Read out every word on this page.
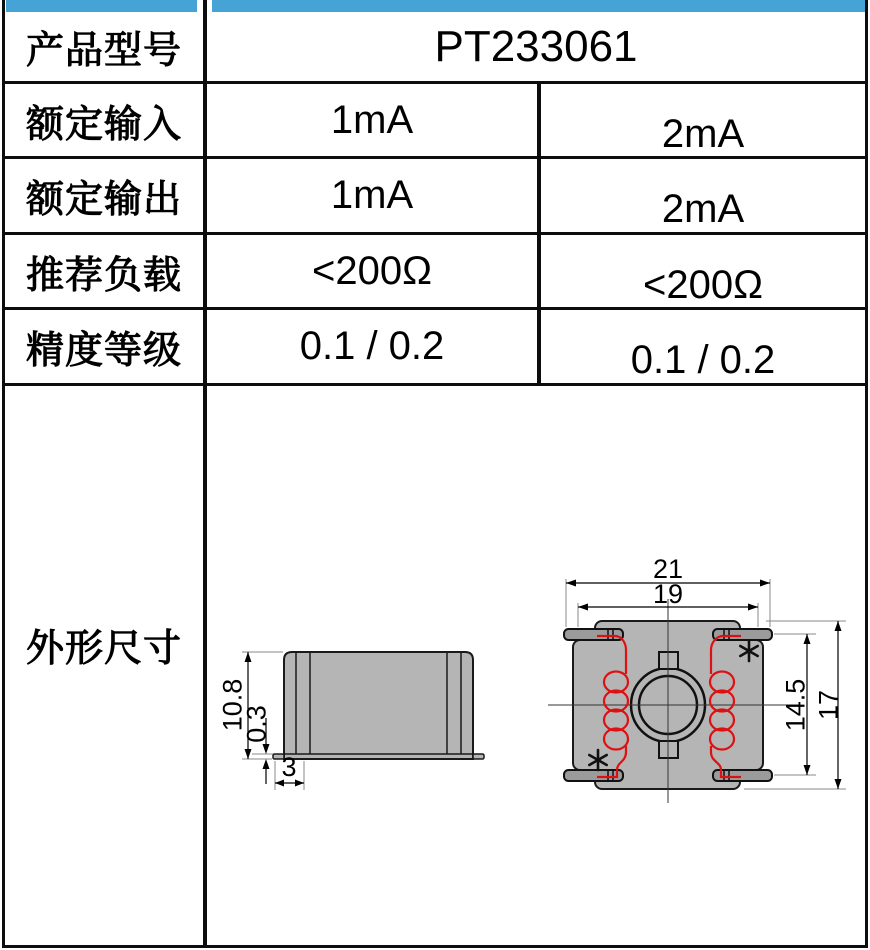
产品型号	PT233061
额定输入	1mA	2mA
额定输出	1mA	2mA
推荐负载	<200Ω	<200Ω
精度等级	0.1 / 0.2	0.1 / 0.2
外形尺寸
10.8
0.3
3
21
19
14.5 17
